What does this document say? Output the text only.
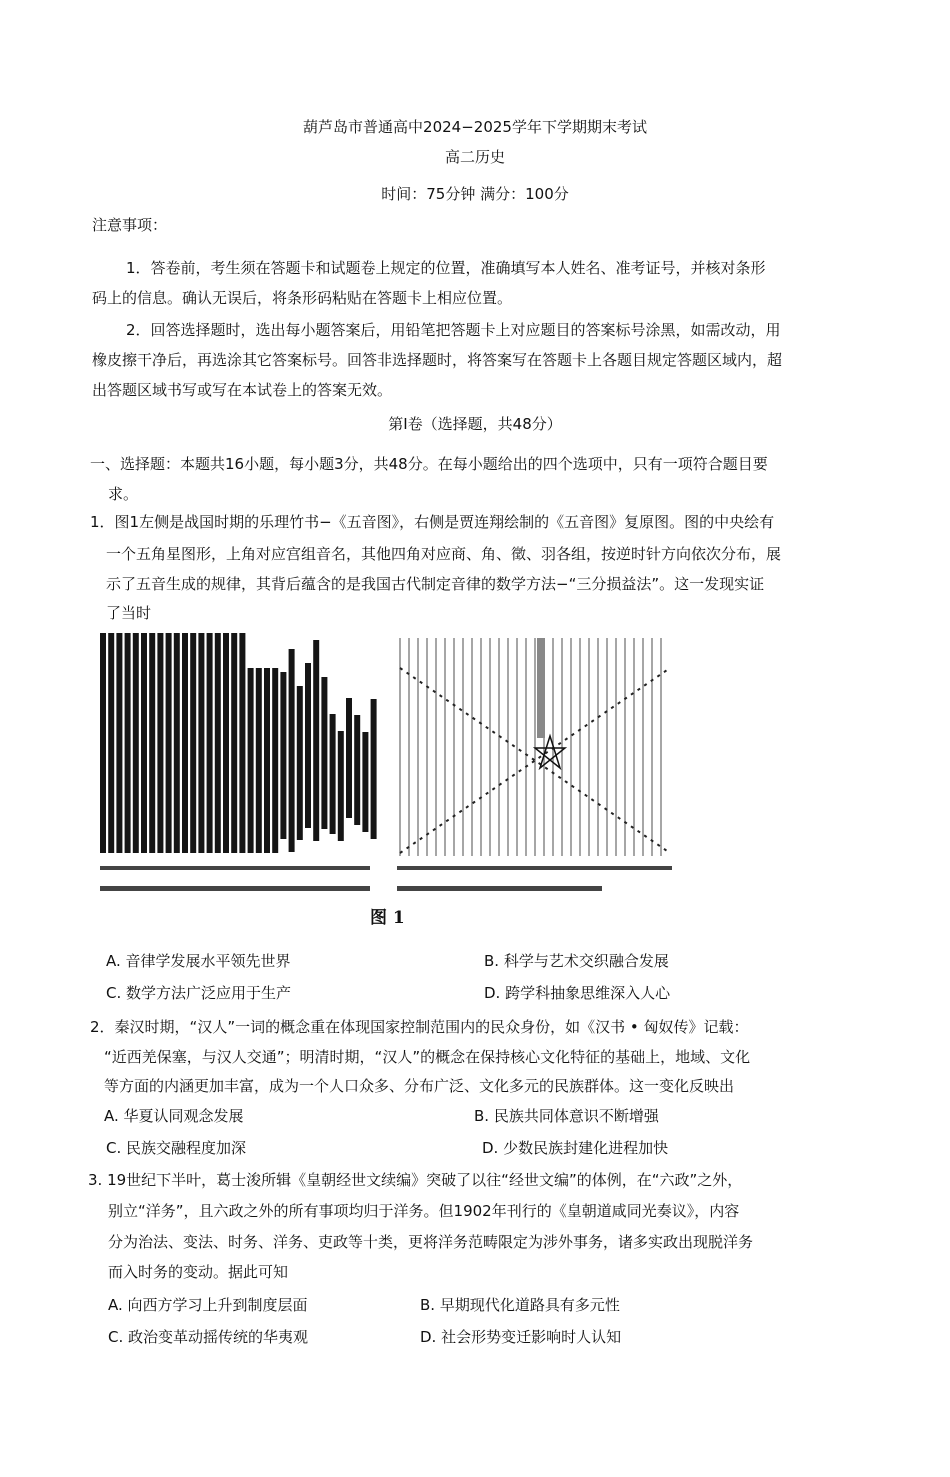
葫芦岛市普通高中2024−2025学年下学期期末考试
高二历史
时间：75分钟 满分：100分
注意事项：
1．答卷前，考生须在答题卡和试题卷上规定的位置，准确填写本人姓名、准考证号，并核对条形
码上的信息。确认无误后，将条形码粘贴在答题卡上相应位置。
2．回答选择题时，选出每小题答案后，用铅笔把答题卡上对应题目的答案标号涂黑，如需改动，用
橡皮擦干净后，再选涂其它答案标号。回答非选择题时，将答案写在答题卡上各题目规定答题区域内，超
出答题区域书写或写在本试卷上的答案无效。
第Ⅰ卷（选择题，共48分）
一、选择题：本题共16小题，每小题3分，共48分。在每小题给出的四个选项中，只有一项符合题目要
求。
1．图1左侧是战国时期的乐理竹书−《五音图》，右侧是贾连翔绘制的《五音图》复原图。图的中央绘有
一个五角星图形，上角对应宫组音名，其他四角对应商、角、徵、羽各组，按逆时针方向依次分布，展
示了五音生成的规律，其背后蕴含的是我国古代制定音律的数学方法−“三分损益法”。这一发现实证
了当时
图 1
A. 音律学发展水平领先世界	B. 科学与艺术交织融合发展
C. 数学方法广泛应用于生产	D. 跨学科抽象思维深入人心
2．秦汉时期，“汉人”一词的概念重在体现国家控制范围内的民众身份，如《汉书 • 匈奴传》记载：
“近西羌保塞，与汉人交通”；明清时期，“汉人”的概念在保持核心文化特征的基础上，地域、文化
等方面的内涵更加丰富，成为一个人口众多、分布广泛、文化多元的民族群体。这一变化反映出
A. 华夏认同观念发展	B. 民族共同体意识不断增强
C. 民族交融程度加深	D. 少数民族封建化进程加快
3. 19世纪下半叶，葛士浚所辑《皇朝经世文续编》突破了以往“经世文编”的体例，在“六政”之外，
别立“洋务”，且六政之外的所有事项均归于洋务。但1902年刊行的《皇朝道咸同光奏议》，内容
分为治法、变法、时务、洋务、吏政等十类，更将洋务范畴限定为涉外事务，诸多实政出现脱洋务
而入时务的变动。据此可知
A. 向西方学习上升到制度层面	B. 早期现代化道路具有多元性
C. 政治变革动摇传统的华夷观	D. 社会形势变迁影响时人认知
